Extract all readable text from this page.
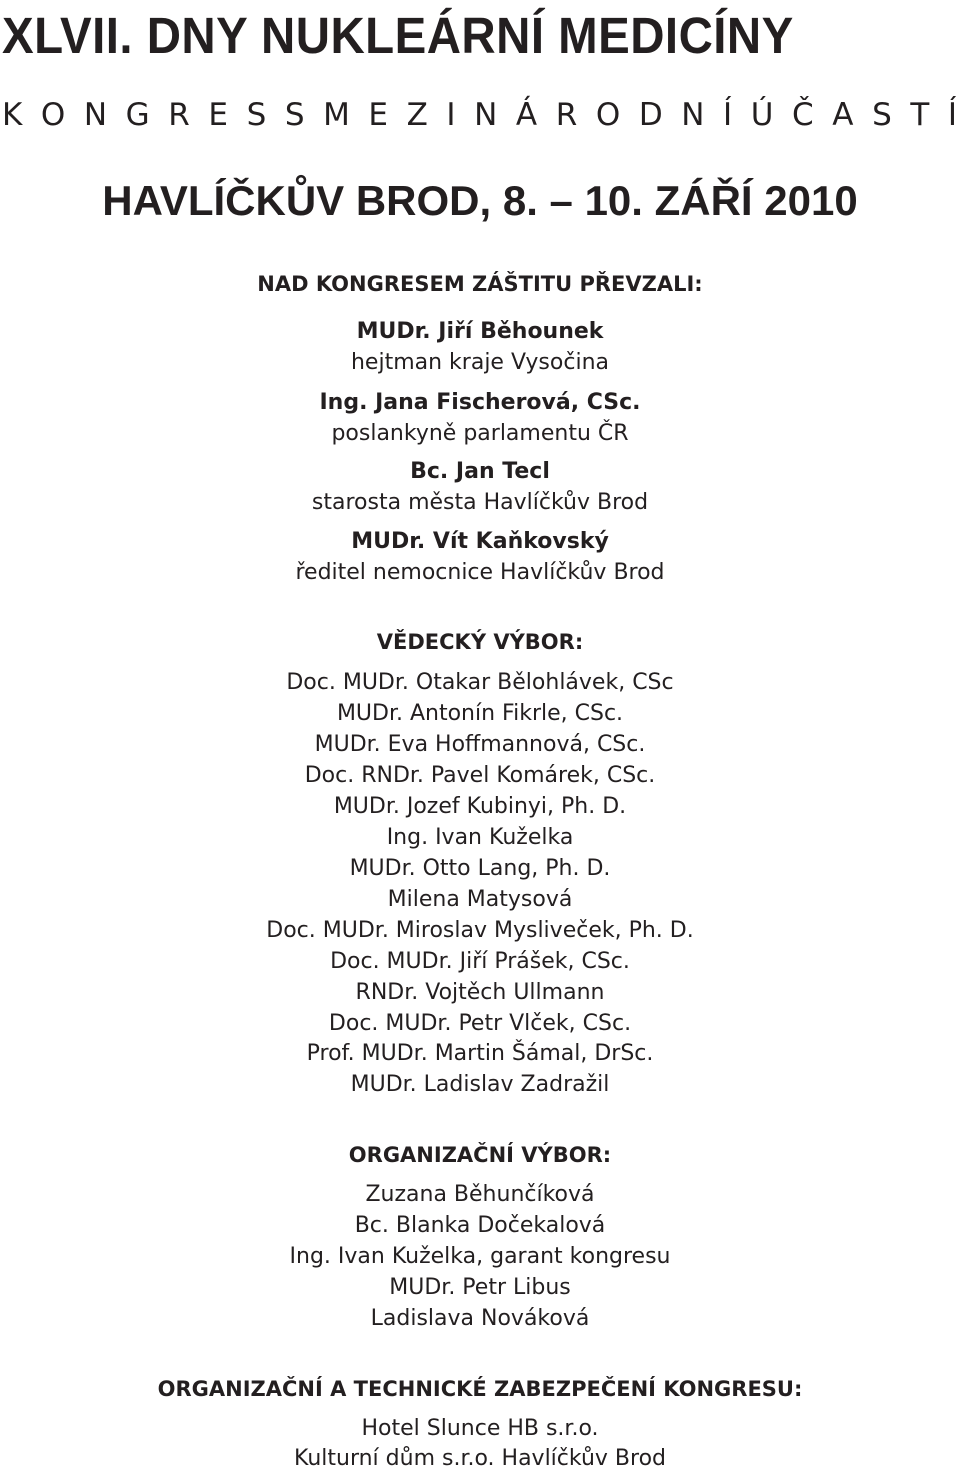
XLVII. DNY NUKLEÁRNÍ MEDICÍNY
K O N G R E S S M E Z I N Á R O D N Í Ú Č A S T Í
HAVLÍČKŮV BROD, 8. – 10. ZÁŘÍ 2010
NAD KONGRESEM ZÁŠTITU PŘEVZALI:
MUDr. Jiří Běhounek
hejtman kraje Vysočina
Ing. Jana Fischerová, CSc.
poslankyně parlamentu ČR
Bc. Jan Tecl
starosta města Havlíčkův Brod
MUDr. Vít Kaňkovský
ředitel nemocnice Havlíčkův Brod
VĚDECKÝ VÝBOR:
Doc. MUDr. Otakar Bělohlávek, CSc
MUDr. Antonín Fikrle, CSc.
MUDr. Eva Hoffmannová, CSc.
Doc. RNDr. Pavel Komárek, CSc.
MUDr. Jozef Kubinyi, Ph. D.
Ing. Ivan Kuželka
MUDr. Otto Lang, Ph. D.
Milena Matysová
Doc. MUDr. Miroslav Mysliveček, Ph. D.
Doc. MUDr. Jiří Prášek, CSc.
RNDr. Vojtěch Ullmann
Doc. MUDr. Petr Vlček, CSc.
Prof. MUDr. Martin Šámal, DrSc.
MUDr. Ladislav Zadražil
ORGANIZAČNÍ VÝBOR:
Zuzana Běhunčíková
Bc. Blanka Dočekalová
Ing. Ivan Kuželka, garant kongresu
MUDr. Petr Libus
Ladislava Nováková
ORGANIZAČNÍ A TECHNICKÉ ZABEZPEČENÍ KONGRESU:
Hotel Slunce HB s.r.o.
Kulturní dům s.r.o. Havlíčkův Brod
